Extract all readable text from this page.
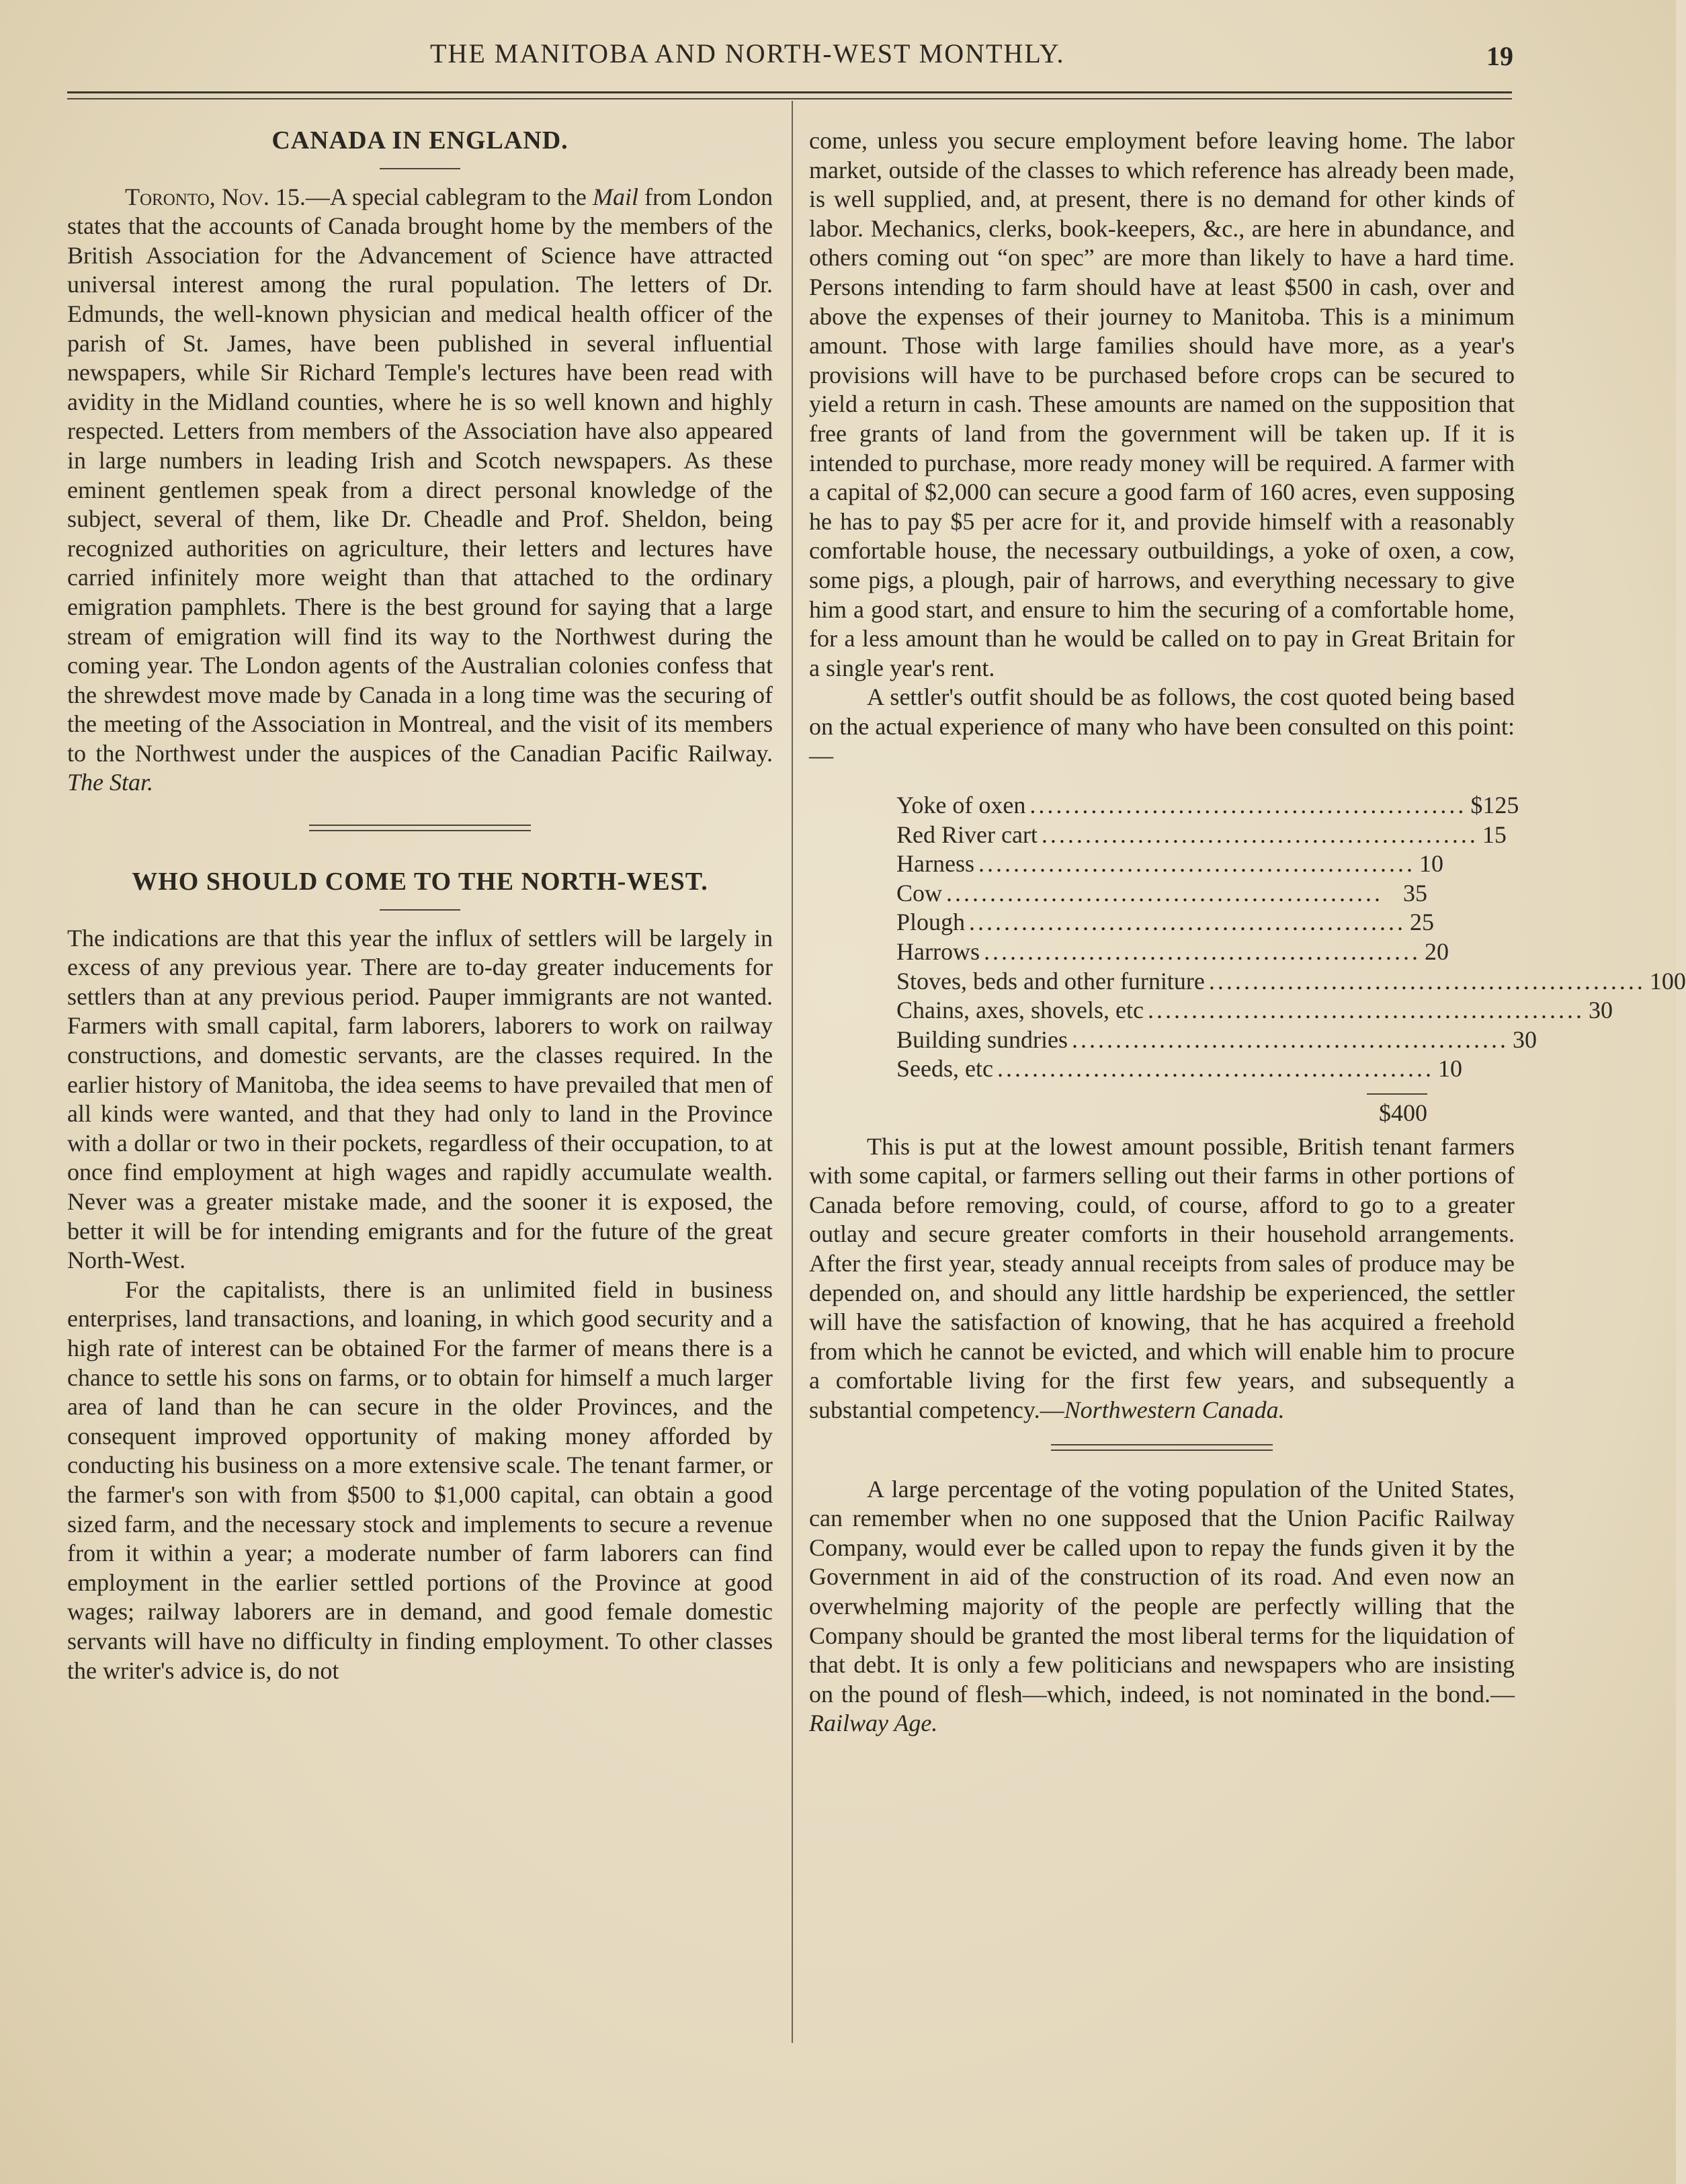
THE MANITOBA AND NORTH-WEST MONTHLY.	19
CANADA IN ENGLAND.

Toronto, Nov. 15.—A special cablegram to the Mail from London states that the accounts of Canada brought home by the members of the British Association for the Advancement of Science have attracted universal interest among the rural population. The letters of Dr. Edmunds, the well-known physician and medical health officer of the parish of St. James, have been published in several influential newspapers, while Sir Richard Temple's lectures have been read with avidity in the Midland counties, where he is so well known and highly respected. Letters from members of the Association have also appeared in large numbers in leading Irish and Scotch newspapers. As these eminent gentlemen speak from a direct personal knowledge of the subject, several of them, like Dr. Cheadle and Prof. Sheldon, being recognized authorities on agriculture, their letters and lectures have carried infinitely more weight than that attached to the ordinary emigration pamphlets. There is the best ground for saying that a large stream of emigration will find its way to the Northwest during the coming year. The London agents of the Australian colonies confess that the shrewdest move made by Canada in a long time was the securing of the meeting of the Association in Montreal, and the visit of its members to the Northwest under the auspices of the Canadian Pacific Railway. The Star.

WHO SHOULD COME TO THE NORTH-WEST.

The indications are that this year the influx of settlers will be largely in excess of any previous year. There are to-day greater inducements for settlers than at any previous period. Pauper immigrants are not wanted. Farmers with small capital, farm laborers, laborers to work on railway constructions, and domestic servants, are the classes required. In the earlier history of Manitoba, the idea seems to have prevailed that men of all kinds were wanted, and that they had only to land in the Province with a dollar or two in their pockets, regardless of their occupation, to at once find employment at high wages and rapidly accumulate wealth. Never was a greater mistake made, and the sooner it is exposed, the better it will be for intending emigrants and for the future of the great North-West.

For the capitalists, there is an unlimited field in business enterprises, land transactions, and loaning, in which good security and a high rate of interest can be obtained For the farmer of means there is a chance to settle his sons on farms, or to obtain for himself a much larger area of land than he can secure in the older Provinces, and the consequent improved opportunity of making money afforded by conducting his business on a more extensive scale. The tenant farmer, or the farmer's son with from $500 to $1,000 capital, can obtain a good sized farm, and the necessary stock and implements to secure a revenue from it within a year; a moderate number of farm laborers can find employment in the earlier settled portions of the Province at good wages; railway laborers are in demand, and good female domestic servants will have no difficulty in finding employment. To other classes the writer's advice is, do not

come, unless you secure employment before leaving home. The labor market, outside of the classes to which reference has already been made, is well supplied, and, at present, there is no demand for other kinds of labor. Mechanics, clerks, book-keepers, &c., are here in abundance, and others coming out “on spec” are more than likely to have a hard time. Persons intending to farm should have at least $500 in cash, over and above the expenses of their journey to Manitoba. This is a minimum amount. Those with large families should have more, as a year's provisions will have to be purchased before crops can be secured to yield a return in cash. These amounts are named on the supposition that free grants of land from the government will be taken up. If it is intended to purchase, more ready money will be required. A farmer with a capital of $2,000 can secure a good farm of 160 acres, even supposing he has to pay $5 per acre for it, and provide himself with a reasonably comfortable house, the necessary outbuildings, a yoke of oxen, a cow, some pigs, a plough, pair of harrows, and everything necessary to give him a good start, and ensure to him the securing of a comfortable home, for a less amount than he would be called on to pay in Great Britain for a single year's rent.

A settler's outfit should be as follows, the cost quoted being based on the actual experience of many who have been consulted on this point:—

Yoke of oxen .................................................. $125
Red River cart .................................................. 15
Harness .................................................. 10
Cow .................................................. 35
Plough .................................................. 25
Harrows .................................................. 20
Stoves, beds and other furniture .................................................. 100
Chains, axes, shovels, etc .................................................. 30
Building sundries .................................................. 30
Seeds, etc .................................................. 10
$400

This is put at the lowest amount possible, British tenant farmers with some capital, or farmers selling out their farms in other portions of Canada before removing, could, of course, afford to go to a greater outlay and secure greater comforts in their household arrangements. After the first year, steady annual receipts from sales of produce may be depended on, and should any little hardship be experienced, the settler will have the satisfaction of knowing, that he has acquired a freehold from which he cannot be evicted, and which will enable him to procure a comfortable living for the first few years, and subsequently a substantial competency.—Northwestern Canada.

A large percentage of the voting population of the United States, can remember when no one supposed that the Union Pacific Railway Company, would ever be called upon to repay the funds given it by the Government in aid of the construction of its road. And even now an overwhelming majority of the people are perfectly willing that the Company should be granted the most liberal terms for the liquidation of that debt. It is only a few politicians and newspapers who are insisting on the pound of flesh—which, indeed, is not nominated in the bond.—Railway Age.
